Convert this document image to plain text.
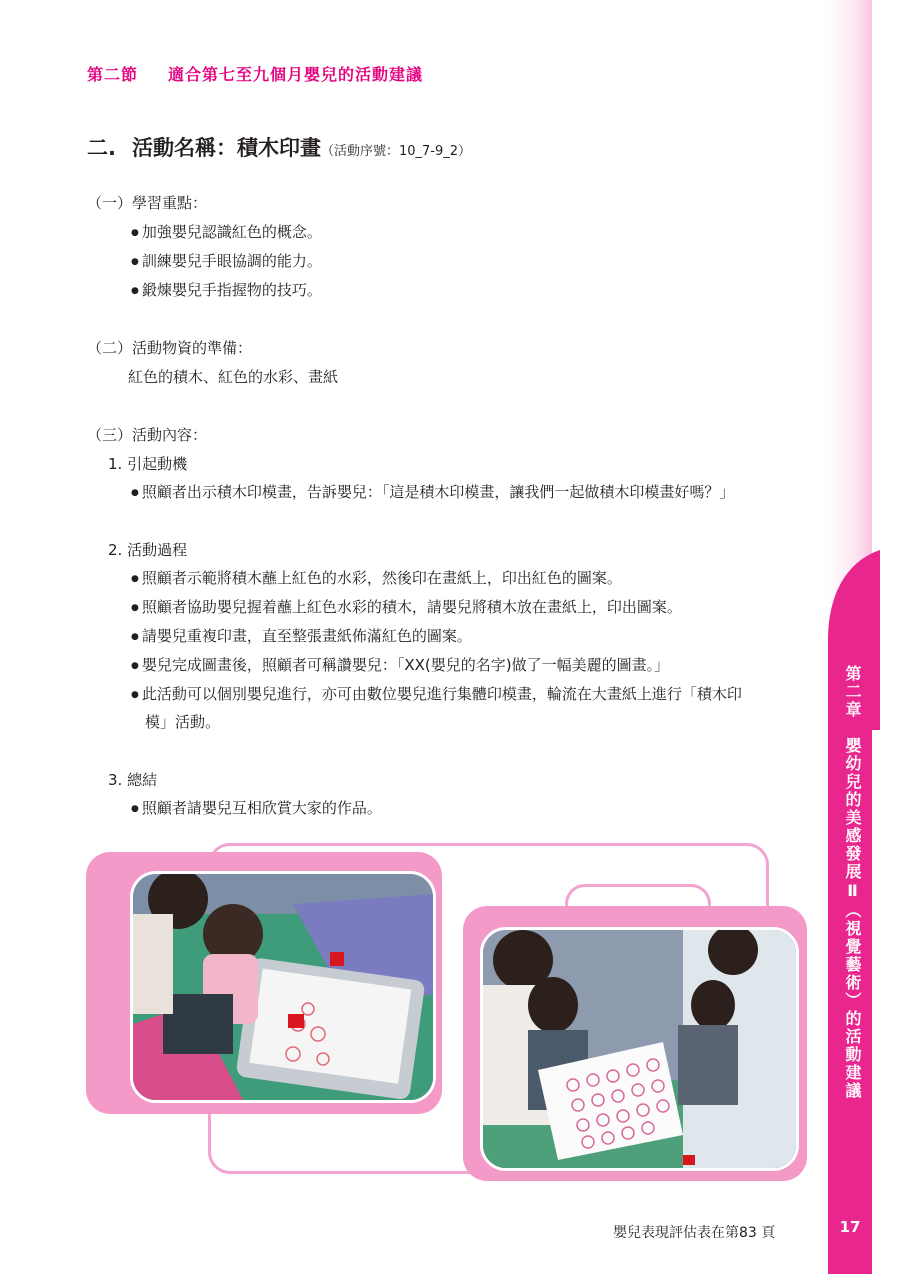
第二節 適合第七至九個月嬰兒的活動建議
二. 活動名稱：積木印畫（活動序號：10_7-9_2）
（一）學習重點：
● 加強嬰兒認識紅色的概念。
● 訓練嬰兒手眼協調的能力。
● 鍛煉嬰兒手指握物的技巧。
（二）活動物資的準備：
紅色的積木、紅色的水彩、畫紙
（三）活動內容：
1. 引起動機
● 照顧者出示積木印模畫，告訴嬰兒：「這是積木印模畫，讓我們一起做積木印模畫好嗎？」
2. 活動過程
● 照顧者示範將積木蘸上紅色的水彩，然後印在畫紙上，印出紅色的圖案。
● 照顧者協助嬰兒握着蘸上紅色水彩的積木，請嬰兒將積木放在畫紙上，印出圖案。
● 請嬰兒重複印畫，直至整張畫紙佈滿紅色的圖案。
● 嬰兒完成圖畫後，照顧者可稱讚嬰兒：「XX(嬰兒的名字)做了一幅美麗的圖畫。」
● 此活動可以個別嬰兒進行，亦可由數位嬰兒進行集體印模畫，輪流在大畫紙上進行「積木印
模」活動。
3. 總結
● 照顧者請嬰兒互相欣賞大家的作品。	第二章　嬰幼兒的美感發展Ⅱ（視覺藝術）的活動建議
17
嬰兒表現評估表在第83 頁
